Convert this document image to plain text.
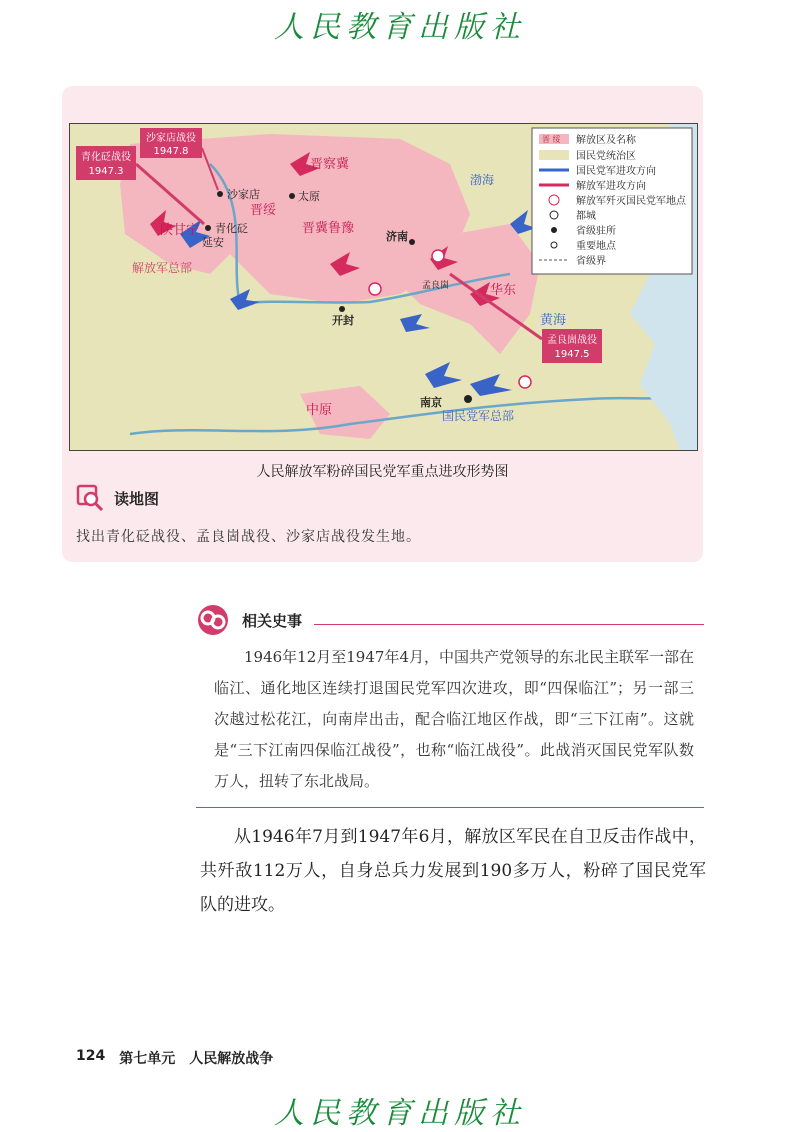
人民教育出版社
解放区及名称
国民党统治区
国民党军进攻方向
解放军进攻方向
解放军歼灭国民党军地点
都城
省级驻所
重要地点
省级界
晋 绥
青化砭战役
1947.3
沙家店战役
1947.8
孟良崮战役
1947.5
沙家店
青化砭
延安
太原
济南
开封
南京
孟良崮
解放军总部
国民党军总部
晋绥
晋察冀
晋冀鲁豫
陕甘宁
华东
中原
黄海
渤海
人民解放军粉碎国民党军重点进攻形势图
读地图
找出青化砭战役、孟良崮战役、沙家店战役发生地。
相关史事
1946年12月至1947年4月，中国共产党领导的东北民主联军一部在临江、通化地区连续打退国民党军四次进攻，即“四保临江”；另一部三次越过松花江，向南岸出击，配合临江地区作战，即“三下江南”。这就是“三下江南四保临江战役”，也称“临江战役”。此战消灭国民党军队数万人，扭转了东北战局。
从1946年7月到1947年6月，解放区军民在自卫反击作战中，共歼敌112万人，自身总兵力发展到190多万人，粉碎了国民党军队的进攻。
124 第七单元 人民解放战争
人民教育出版社
